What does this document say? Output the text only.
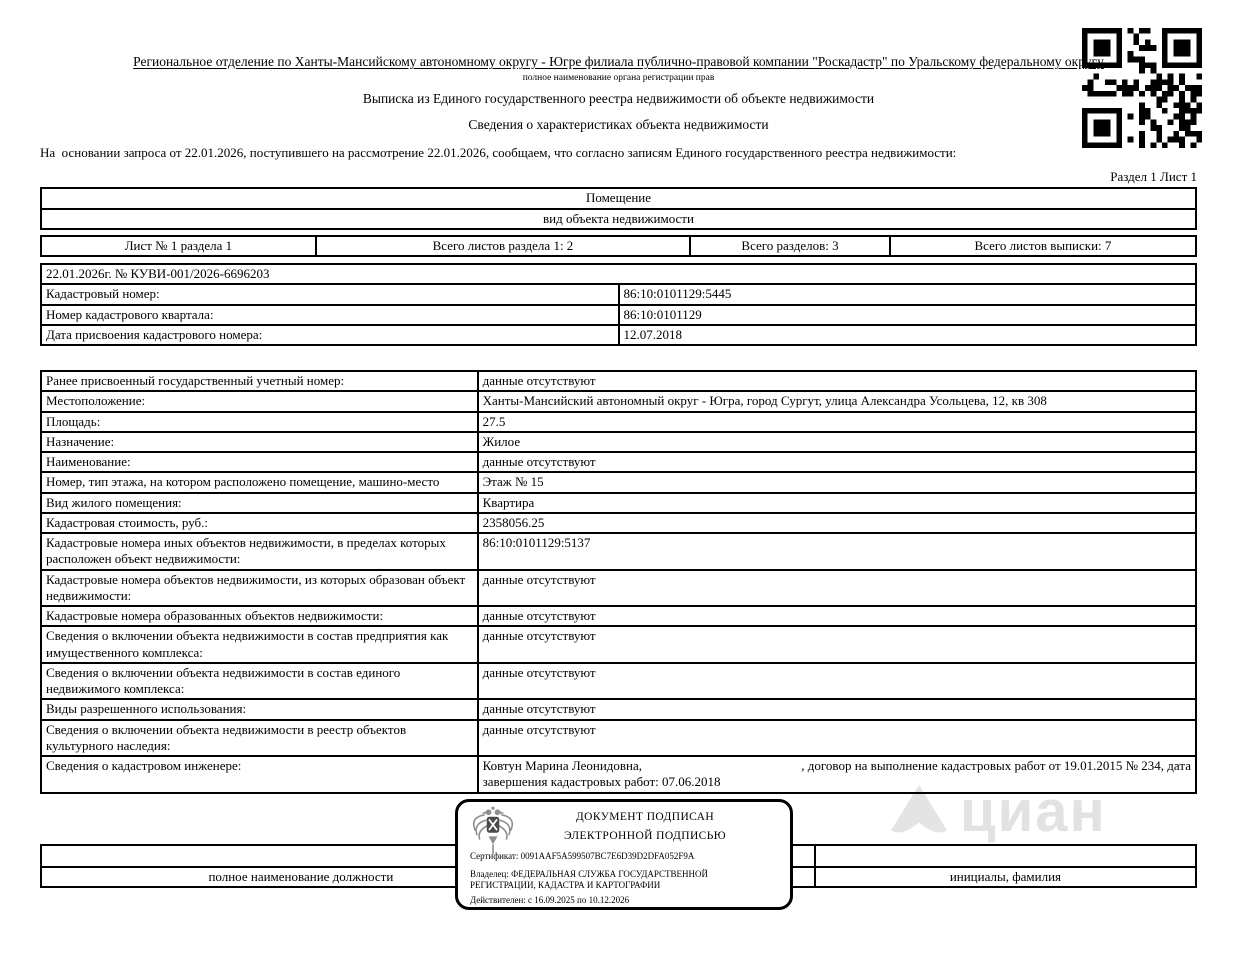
циан
Региональное отделение по Ханты-Мансийскому автономному округу - Югре филиала публично-правовой компании "Роскадастр" по Уральскому федеральному округу
полное наименование органа регистрации прав
Выписка из Единого государственного реестра недвижимости об объекте недвижимости
Сведения о характеристиках объекта недвижимости
На  основании запроса от 22.01.2026, поступившего на рассмотрение 22.01.2026, сообщаем, что согласно записям Единого государственного реестра недвижимости:
Раздел 1 Лист 1
Помещение
вид объекта недвижимости
Лист № 1 раздела 1	Всего листов раздела 1: 2	Всего разделов: 3	Всего листов выписки: 7
22.01.2026г. № КУВИ-001/2026-6696203	
Кадастровый номер:	86:10:0101129:5445
Номер кадастрового квартала:	86:10:0101129
Дата присвоения кадастрового номера:	12.07.2018
Ранее присвоенный государственный учетный номер:	данные отсутствуют
Местоположение:	Ханты-Мансийский автономный округ - Югра, город Сургут, улица Александра Усольцева, 12, кв 308
Площадь:	27.5
Назначение:	Жилое
Наименование:	данные отсутствуют
Номер, тип этажа, на котором расположено помещение, машино-место	Этаж № 15
Вид жилого помещения:	Квартира
Кадастровая стоимость, руб.:	2358056.25
Кадастровые номера иных объектов недвижимости, в пределах которых расположен объект недвижимости:	86:10:0101129:5137
Кадастровые номера объектов недвижимости, из которых образован объект недвижимости:	данные отсутствуют
Кадастровые номера образованных объектов недвижимости:	данные отсутствуют
Сведения о включении объекта недвижимости в состав предприятия как имущественного комплекса:	данные отсутствуют
Сведения о включении объекта недвижимости в состав единого недвижимого комплекса:	данные отсутствуют
Виды разрешенного использования:	данные отсутствуют
Сведения о включении объекта недвижимости в реестр объектов культурного наследия:	данные отсутствуют
Сведения о кадастровом инженере:	Ковтун Марина Леонидовна,                                                 , договор на выполнение кадастровых работ от 19.01.2015 № 234, дата завершения кадастровых работ: 07.06.2018

полное наименование должности		инициалы, фамилия
ДОКУМЕНТ ПОДПИСАН
ЭЛЕКТРОННОЙ ПОДПИСЬЮ
Сертификат: 0091AAF5A599507BC7E6D39D2DFA052F9A
Владелец: ФЕДЕРАЛЬНАЯ СЛУЖБА ГОСУДАРСТВЕННОЙ РЕГИСТРАЦИИ, КАДАСТРА И КАРТОГРАФИИ
Действителен: с 16.09.2025 по 10.12.2026
